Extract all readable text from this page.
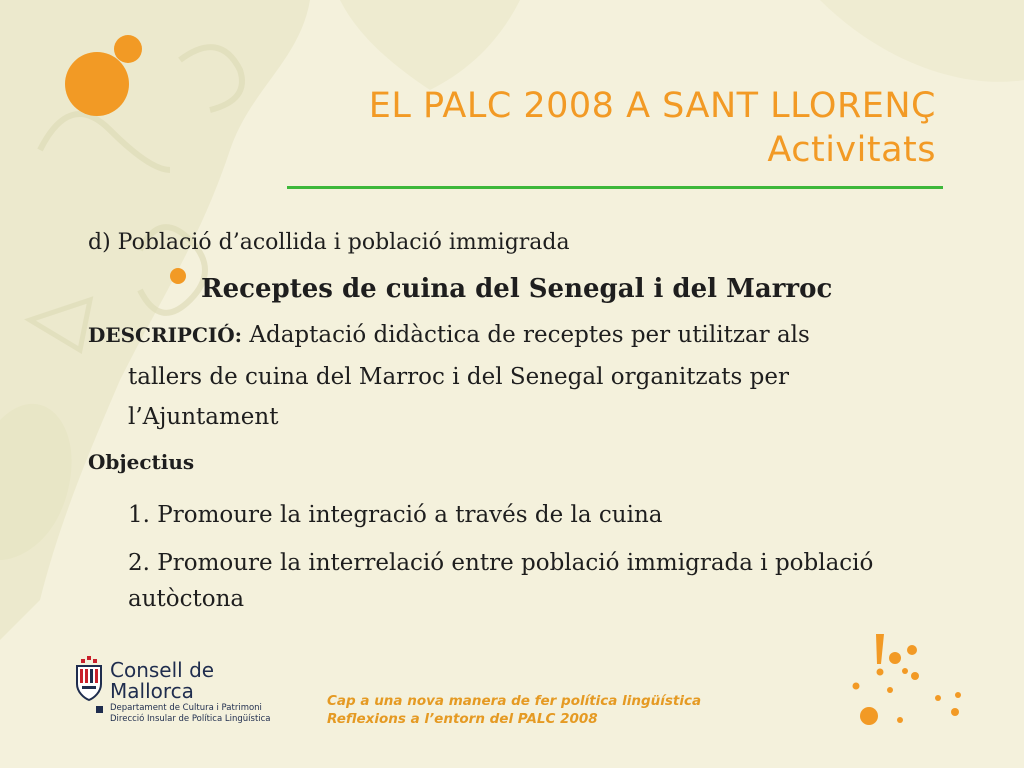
EL PALC 2008 A SANT LLORENÇ
Activitats
d) Població d’acollida i població immigrada
Receptes de cuina del Senegal i del Marroc
DESCRIPCIÓ: Adaptació didàctica de receptes per utilitzar als
tallers de cuina del Marroc i del Senegal organitzats per
l’Ajuntament
Objectius
1. Promoure la integració a través de la cuina
2. Promoure la interrelació entre població immigrada i població
autòctona
Consell de
Mallorca
Departament de Cultura i Patrimoni
Direcció Insular de Política Lingüística
Cap a una nova manera de fer política lingüística
Reflexions a l’entorn del PALC 2008
